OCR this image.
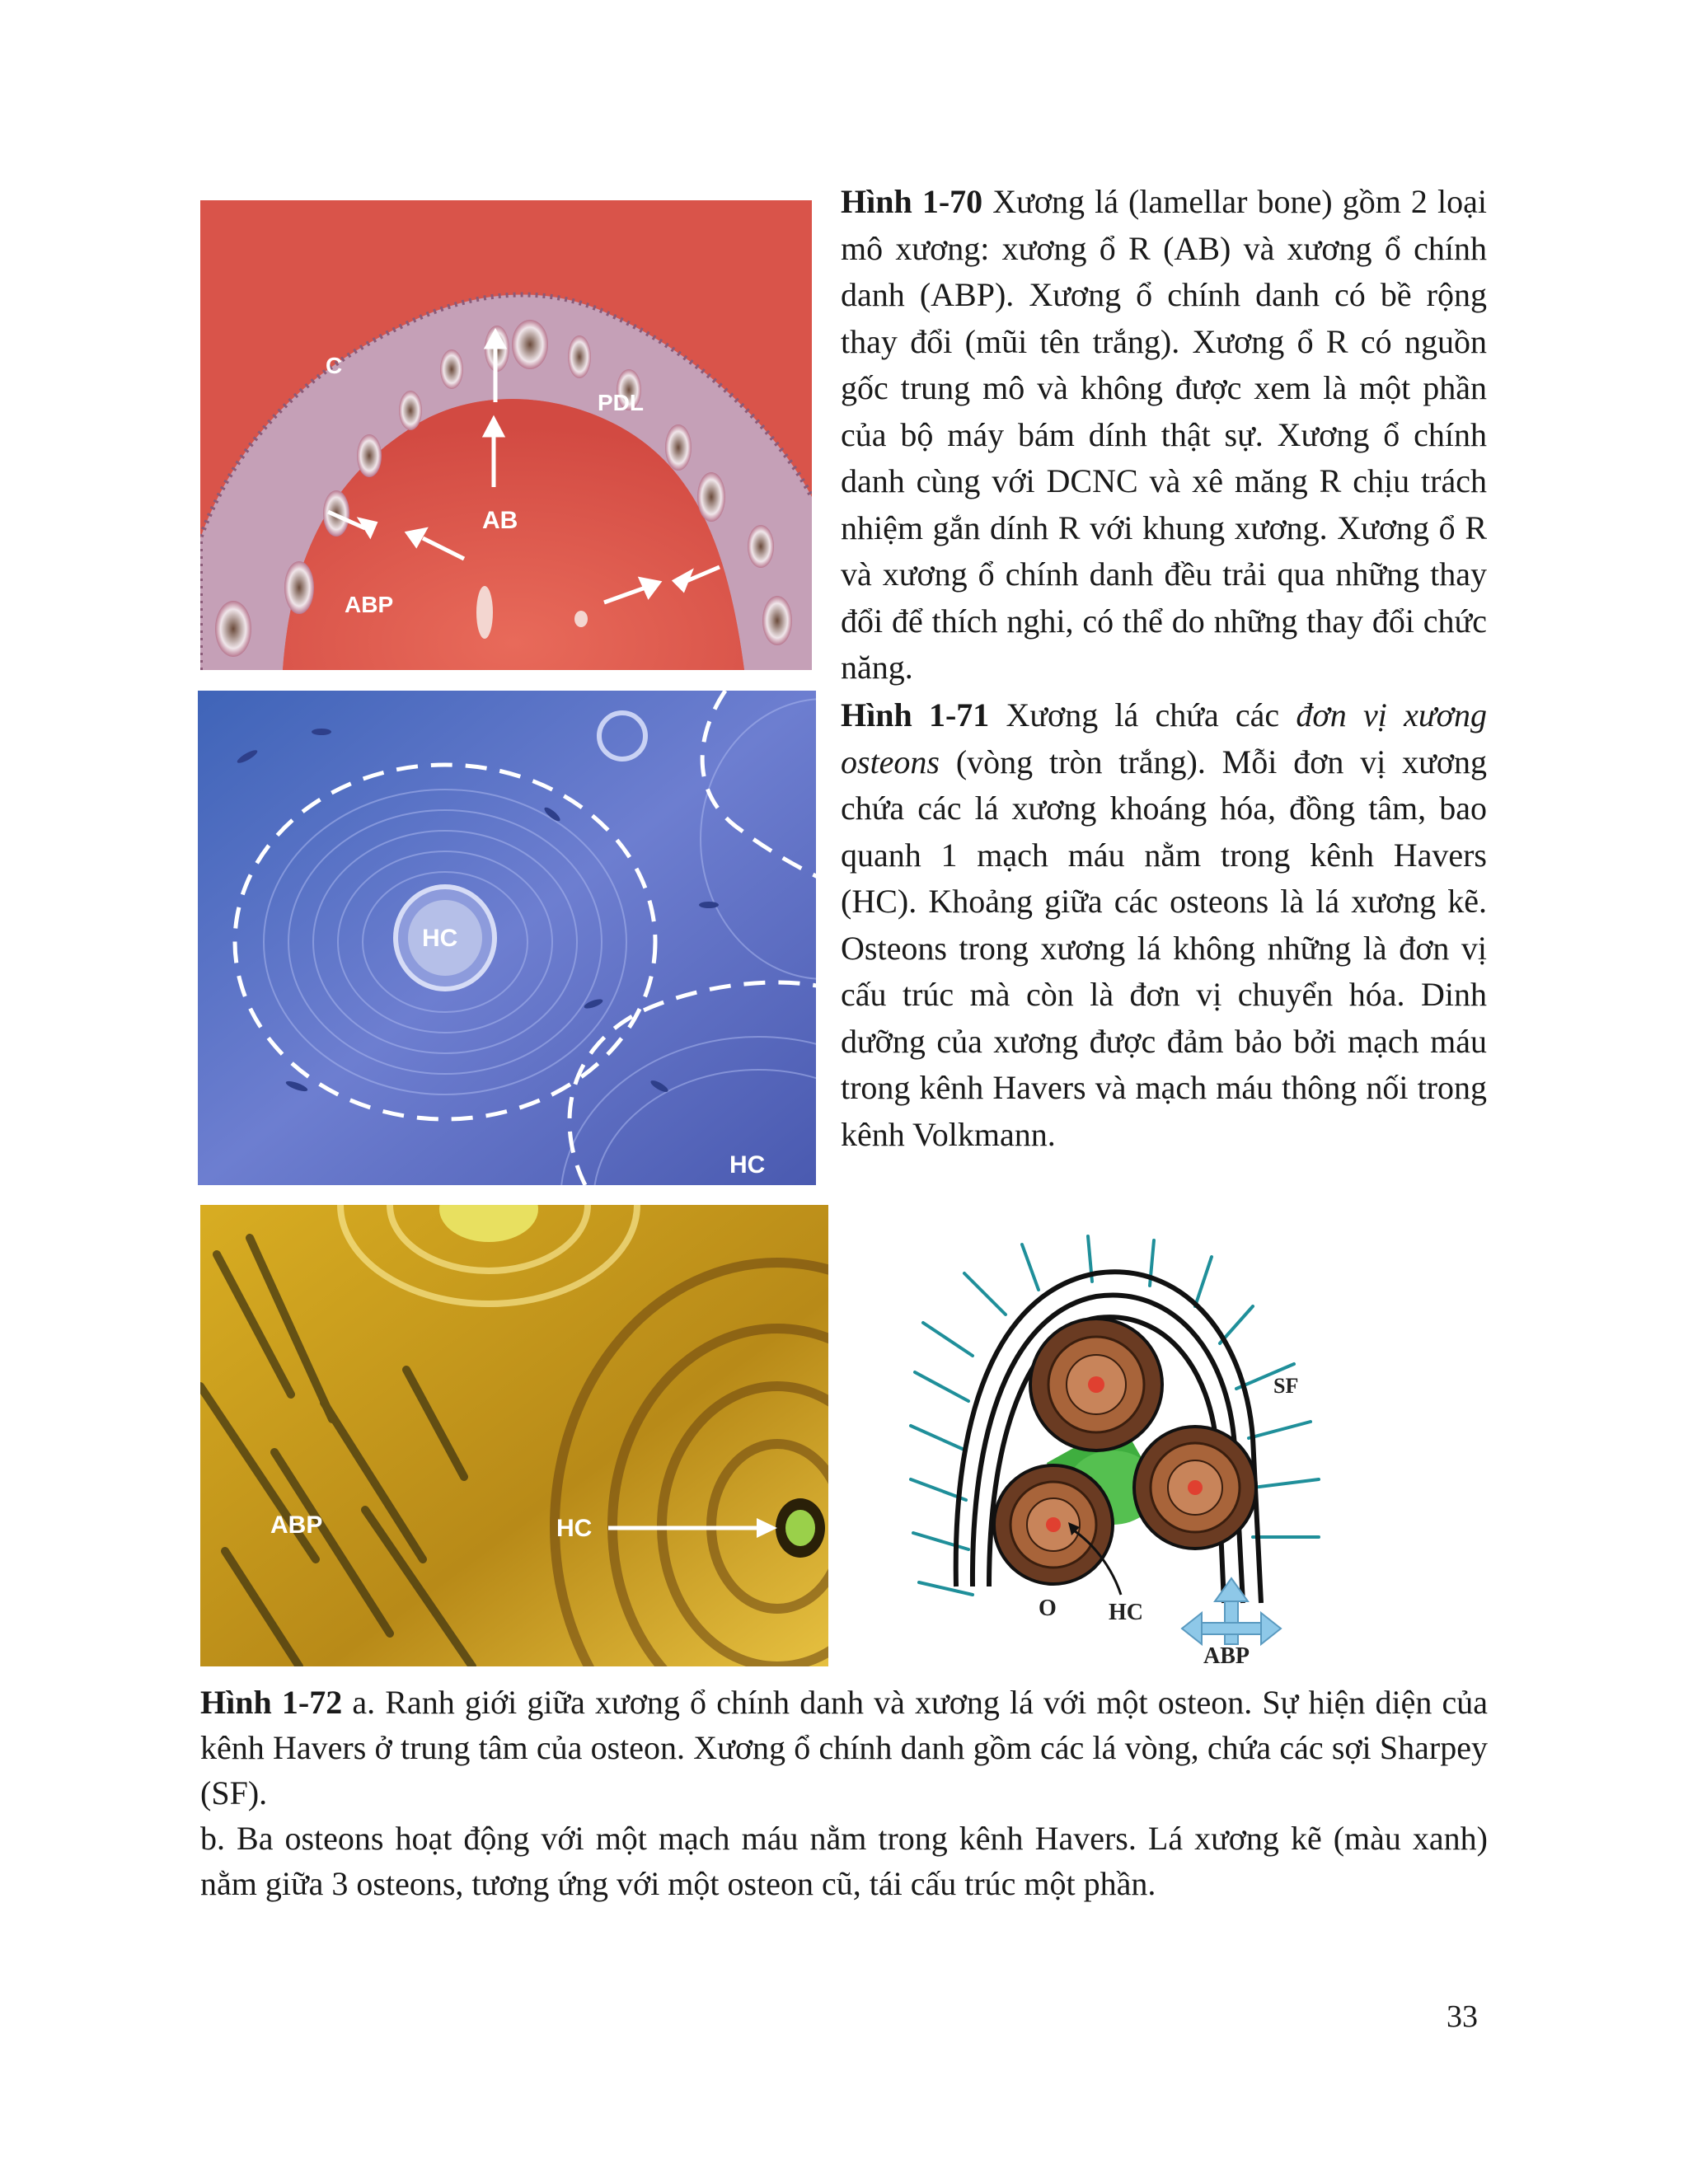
C
PDL
AB
ABP
Hình 1-70 Xương lá (lamellar bone) gồm 2 loại mô xương: xương ổ R (AB) và xương ổ chính danh (ABP). Xương ổ chính danh có bề rộng thay đổi (mũi tên trắng). Xương ổ R có nguồn gốc trung mô và không được xem là một phần của bộ máy bám dính thật sự. Xương ổ chính danh cùng với DCNC và xê măng R chịu trách nhiệm gắn dính R với khung xương. Xương ổ R và xương ổ chính danh đều trải qua những thay đổi để thích nghi, có thể do những thay đổi chức năng.
HC
HC
Hình 1-71 Xương lá chứa các đơn vị xương osteons (vòng tròn trắng). Mỗi đơn vị xương chứa các lá xương khoáng hóa, đồng tâm, bao quanh 1 mạch máu nằm trong kênh Havers (HC). Khoảng giữa các osteons là lá xương kẽ. Osteons trong xương lá không những là đơn vị cấu trúc mà còn là đơn vị chuyển hóa. Dinh dưỡng của xương được đảm bảo bởi mạch máu trong kênh Havers và mạch máu thông nối trong kênh Volkmann.
ABP	HC
SF
O HC
ABP
Hình 1-72 a. Ranh giới giữa xương ổ chính danh và xương lá với một osteon. Sự hiện diện của kênh Havers ở trung tâm của osteon. Xương ổ chính danh gồm các lá vòng, chứa các sợi Sharpey (SF).
b. Ba osteons hoạt động với một mạch máu nằm trong kênh Havers. Lá xương kẽ (màu xanh) nằm giữa 3 osteons, tương ứng với một osteon cũ, tái cấu trúc một phần.
33
